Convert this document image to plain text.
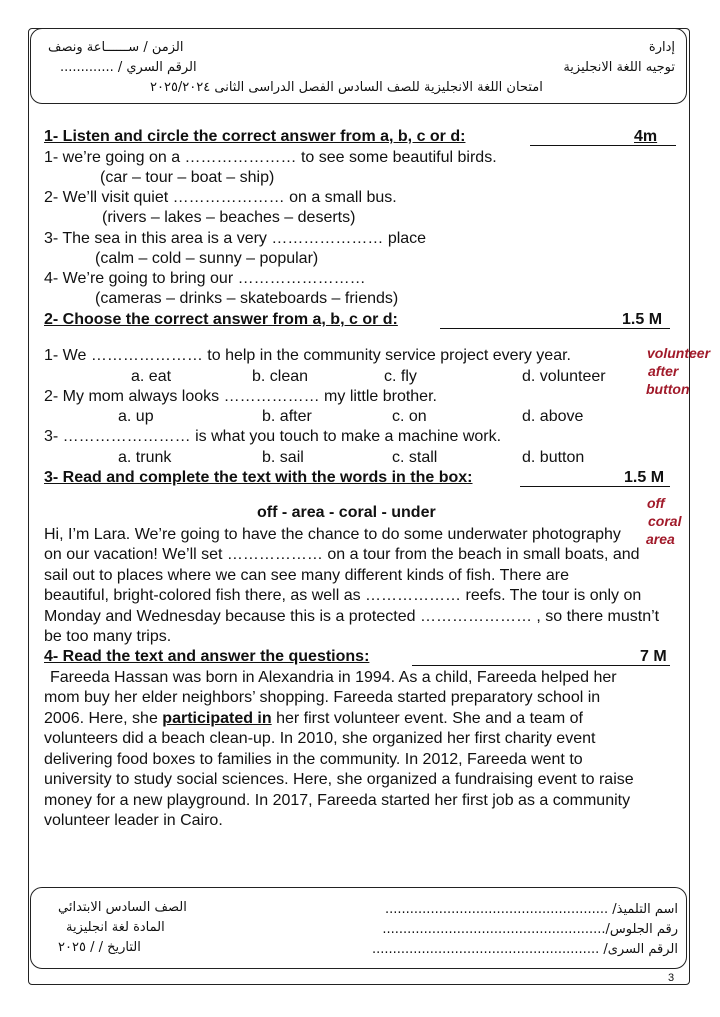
إدارة
توجيه اللغة الانجليزية
الزمن / ســــــاعة ونصف
الرقم السري / .............
امتحان اللغة الانجليزية للصف السادس الفصل الدراسى الثانى ٢٠٢٥/٢٠٢٤
1- Listen and circle the correct answer from a, b, c or d:	4m
1- we’re going on a ………………… to see some beautiful birds.
(car – tour – boat – ship)
2- We’ll visit quiet ………………… on a small bus.
(rivers – lakes – beaches – deserts)
3- The sea in this area is a very ………………… place
(calm – cold – sunny – popular)
4- We’re going to bring our ……………………
(cameras – drinks – skateboards – friends)
2- Choose the correct answer from a, b, c or d:	1.5 M
1- We ………………… to help in the community service project every year.
a. eat	b. clean	c. fly	d. volunteer
2- My mom always looks ……………… my little brother.
a. up	b. after	c. on	d. above
3- …………………… is what you touch to make a machine work.
a. trunk	b. sail	c. stall	d. button
volunteer
after
button
3- Read and complete the text with the words in the box:	1.5 M
off - area - coral - under
Hi, I’m Lara. We’re going to have the chance to do some underwater photography
on our vacation! We’ll set ……………… on a tour from the beach in small boats, and
sail out to places where we can see many different kinds of fish. There are
beautiful, bright-colored fish there, as well as ……………… reefs. The tour is only on
Monday and Wednesday because this is a protected ………………… , so there mustn’t
be too many trips.
off
coral
area
4- Read the text and answer the questions:	7 M
Fareeda Hassan was born in Alexandria in 1994. As a child, Fareeda helped her
mom buy her elder neighbors’ shopping. Fareeda started preparatory school in
2006. Here, she participated in her first volunteer event. She and a team of
volunteers did a beach clean-up. In 2010, she organized her first charity event
delivering food boxes to families in the community. In 2012, Fareeda went to
university to study social sciences. Here, she organized a fundraising event to raise
money for a new playground. In 2017, Fareeda started her first job as a community
volunteer leader in Cairo.
اسم التلميذ/ ......................................................
رقم الجلوس/......................................................
الرقم السرى/ .......................................................
الصف السادس الابتدائي
المادة لغة انجليزية
التاريخ / / ٢٠٢٥
3
